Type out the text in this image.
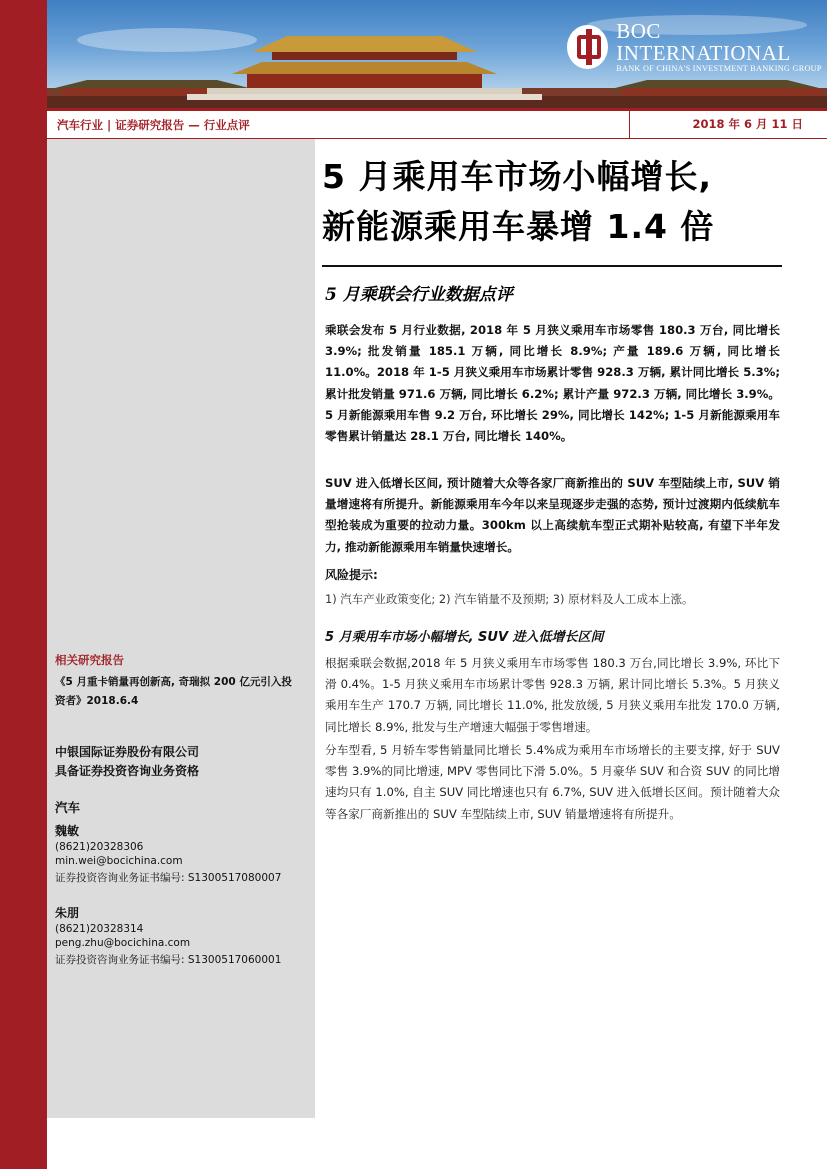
BOC INTERNATIONAL
BANK OF CHINA'S INVESTMENT BANKING GROUP
汽车行业 | 证券研究报告 — 行业点评	2018 年 6 月 11 日
相关研究报告
《5 月重卡销量再创新高, 奇瑞拟 200 亿元引入投资者》2018.6.4
中银国际证券股份有限公司
具备证券投资咨询业务资格
汽车
魏敏
(8621)20328306
min.wei@bocichina.com
证券投资咨询业务证书编号: S1300517080007
朱朋
(8621)20328314
peng.zhu@bocichina.com
证券投资咨询业务证书编号: S1300517060001
5 月乘用车市场小幅增长,
新能源乘用车暴增 1.4 倍
5 月乘联会行业数据点评
乘联会发布 5 月行业数据, 2018 年 5 月狭义乘用车市场零售 180.3 万台, 同比增长 3.9%; 批发销量 185.1 万辆, 同比增长 8.9%; 产量 189.6 万辆, 同比增长 11.0%。2018 年 1-5 月狭义乘用车市场累计零售 928.3 万辆, 累计同比增长 5.3%; 累计批发销量 971.6 万辆, 同比增长 6.2%; 累计产量 972.3 万辆, 同比增长 3.9%。5 月新能源乘用车售 9.2 万台, 环比增长 29%, 同比增长 142%; 1-5 月新能源乘用车零售累计销量达 28.1 万台, 同比增长 140%。
SUV 进入低增长区间, 预计随着大众等各家厂商新推出的 SUV 车型陆续上市, SUV 销量增速将有所提升。新能源乘用车今年以来呈现逐步走强的态势, 预计过渡期内低续航车型抢装成为重要的拉动力量。300km 以上高续航车型正式期补贴较高, 有望下半年发力, 推动新能源乘用车销量快速增长。
风险提示:
1) 汽车产业政策变化; 2) 汽车销量不及预期; 3) 原材料及人工成本上涨。
5 月乘用车市场小幅增长, SUV 进入低增长区间
根据乘联会数据,2018 年 5 月狭义乘用车市场零售 180.3 万台,同比增长 3.9%, 环比下滑 0.4%。1-5 月狭义乘用车市场累计零售 928.3 万辆, 累计同比增长 5.3%。5 月狭义乘用车生产 170.7 万辆, 同比增长 11.0%, 批发放缓, 5 月狭义乘用车批发 170.0 万辆, 同比增长 8.9%, 批发与生产增速大幅强于零售增速。
分车型看, 5 月轿车零售销量同比增长 5.4%成为乘用车市场增长的主要支撑, 好于 SUV 零售 3.9%的同比增速, MPV 零售同比下滑 5.0%。5 月豪华 SUV 和合资 SUV 的同比增速均只有 1.0%, 自主 SUV 同比增速也只有 6.7%, SUV 进入低增长区间。预计随着大众等各家厂商新推出的 SUV 车型陆续上市, SUV 销量增速将有所提升。
